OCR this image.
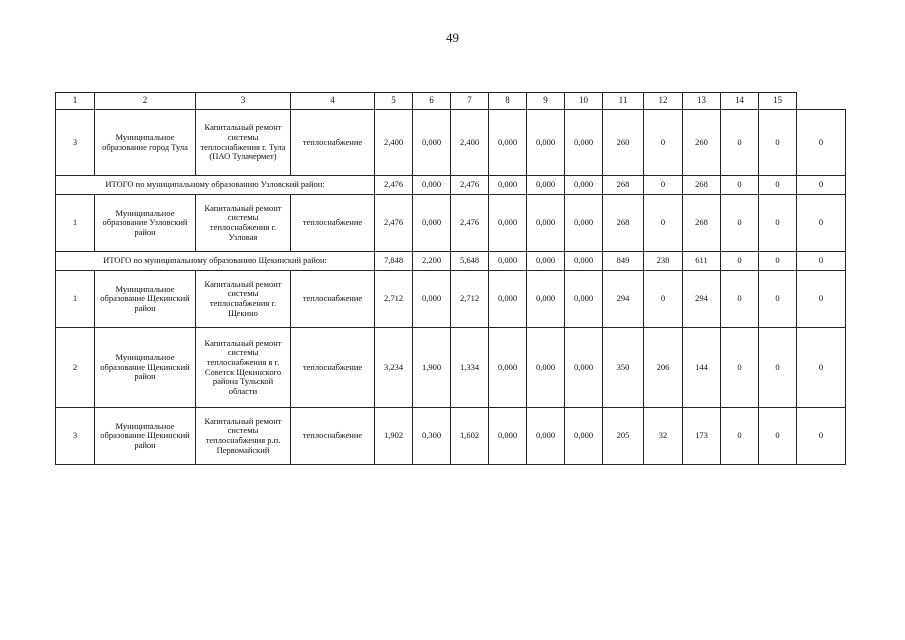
49
1	2	3	4	5	6	7	8	9	10	11	12	13	14	15	
3	Муниципальное образование город Тула	Капитальный ремонт системы теплоснабжения г. Тула (ПАО Тулачермет)	теплоснабжение	2,400	0,000	2,400	0,000	0,000	0,000	260	0	260	0	0	0
ИТОГО по муниципальному образованию Узловский район:				2,476	0,000	2,476	0,000	0,000	0,000	268	0	268	0	0	0
1	Муниципальное образование Узловский район	Капитальный ремонт системы теплоснабжения г. Узловая	теплоснабжение	2,476	0,000	2,476	0,000	0,000	0,000	268	0	268	0	0	0
ИТОГО по муниципальному образованию Щекинский район:				7,848	2,200	5,648	0,000	0,000	0,000	849	238	611	0	0	0
1	Муниципальное образование Щекинский район	Капитальный ремонт системы теплоснабжения г. Щекино	теплоснабжение	2,712	0,000	2,712	0,000	0,000	0,000	294	0	294	0	0	0
2	Муниципальное образование Щекинский район	Капитальный ремонт системы теплоснабжения в г. Советск Щекинского района Тульской области	теплоснабжение	3,234	1,900	1,334	0,000	0,000	0,000	350	206	144	0	0	0
3	Муниципальное образование Щекинский район	Капитальный ремонт системы теплоснабжения р.п. Первомайский	теплоснабжение	1,902	0,300	1,602	0,000	0,000	0,000	205	32	173	0	0	0
